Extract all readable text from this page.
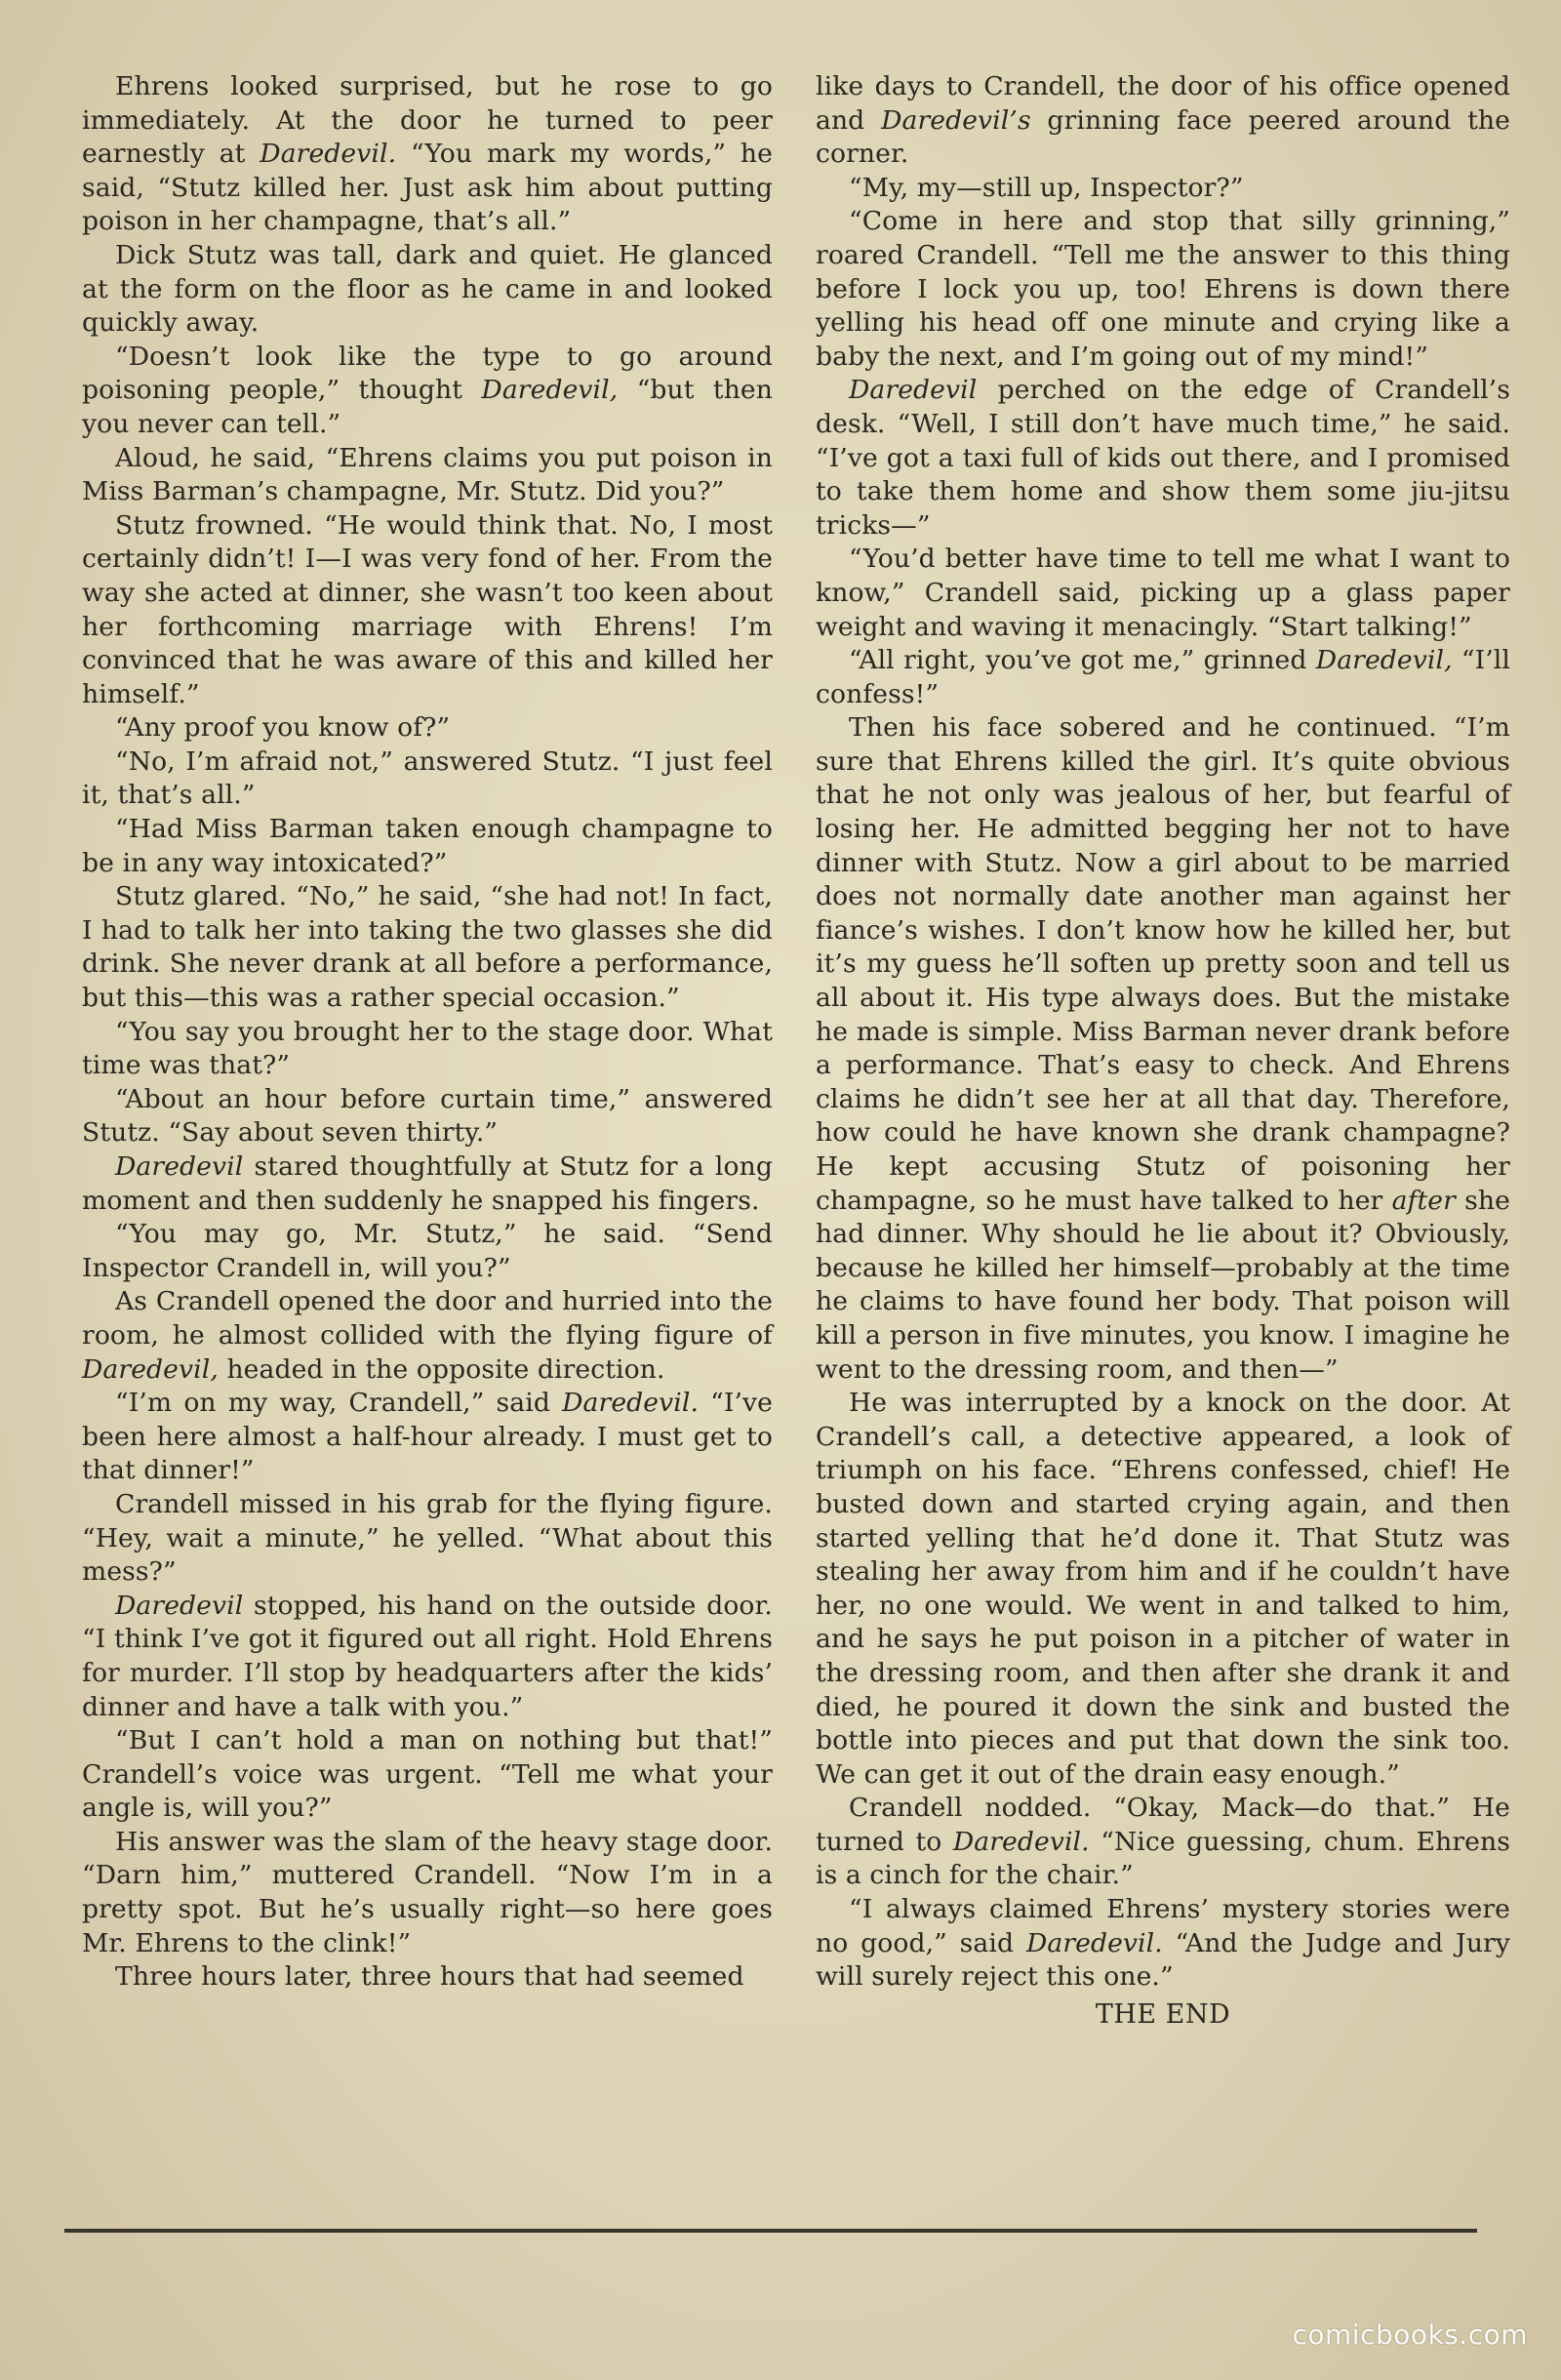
Ehrens looked surprised, but he rose to go immediately. At the door he turned to peer earnestly at Daredevil. “You mark my words,” he said, “Stutz killed her. Just ask him about putting poison in her champagne, that’s all.”

Dick Stutz was tall, dark and quiet. He glanced at the form on the floor as he came in and looked quickly away.

“Doesn’t look like the type to go around poisoning people,” thought Daredevil, “but then you never can tell.”

Aloud, he said, “Ehrens claims you put poison in Miss Barman’s champagne, Mr. Stutz. Did you?”

Stutz frowned. “He would think that. No, I most certainly didn’t! I—I was very fond of her. From the way she acted at dinner, she wasn’t too keen about her forthcoming marriage with Ehrens! I’m convinced that he was aware of this and killed her himself.”

“Any proof you know of?”

“No, I’m afraid not,” answered Stutz. “I just feel it, that’s all.”

“Had Miss Barman taken enough champagne to be in any way intoxicated?”

Stutz glared. “No,” he said, “she had not! In fact, I had to talk her into taking the two glasses she did drink. She never drank at all before a performance, but this—this was a rather special occasion.”

“You say you brought her to the stage door. What time was that?”

“About an hour before curtain time,” answered Stutz. “Say about seven thirty.”

Daredevil stared thoughtfully at Stutz for a long moment and then suddenly he snapped his fingers.

“You may go, Mr. Stutz,” he said. “Send Inspector Crandell in, will you?”

As Crandell opened the door and hurried into the room, he almost collided with the flying figure of Daredevil, headed in the opposite direction.

“I’m on my way, Crandell,” said Daredevil. “I’ve been here almost a half-hour already. I must get to that dinner!”

Crandell missed in his grab for the flying figure. “Hey, wait a minute,” he yelled. “What about this mess?”

Daredevil stopped, his hand on the outside door. “I think I’ve got it figured out all right. Hold Ehrens for murder. I’ll stop by headquarters after the kids’ dinner and have a talk with you.”

“But I can’t hold a man on nothing but that!” Crandell’s voice was urgent. “Tell me what your angle is, will you?”

His answer was the slam of the heavy stage door. “Darn him,” muttered Crandell. “Now I’m in a pretty spot. But he’s usually right—so here goes Mr. Ehrens to the clink!”

Three hours later, three hours that had seemed

like days to Crandell, the door of his office opened and Daredevil’s grinning face peered around the corner.

“My, my—still up, Inspector?”

“Come in here and stop that silly grinning,” roared Crandell. “Tell me the answer to this thing before I lock you up, too! Ehrens is down there yelling his head off one minute and crying like a baby the next, and I’m going out of my mind!”

Daredevil perched on the edge of Crandell’s desk. “Well, I still don’t have much time,” he said. “I’ve got a taxi full of kids out there, and I promised to take them home and show them some jiu-jitsu tricks—”

“You’d better have time to tell me what I want to know,” Crandell said, picking up a glass paper weight and waving it menacingly. “Start talking!”

“All right, you’ve got me,” grinned Daredevil, “I’ll confess!”

Then his face sobered and he continued. “I’m sure that Ehrens killed the girl. It’s quite obvious that he not only was jealous of her, but fearful of losing her. He admitted begging her not to have dinner with Stutz. Now a girl about to be married does not normally date another man against her fiance’s wishes. I don’t know how he killed her, but it’s my guess he’ll soften up pretty soon and tell us all about it. His type always does. But the mistake he made is simple. Miss Barman never drank before a performance. That’s easy to check. And Ehrens claims he didn’t see her at all that day. Therefore, how could he have known she drank champagne? He kept accusing Stutz of poisoning her champagne, so he must have talked to her after she had dinner. Why should he lie about it? Obviously, because he killed her himself—probably at the time he claims to have found her body. That poison will kill a person in five minutes, you know. I imagine he went to the dressing room, and then—”

He was interrupted by a knock on the door. At Crandell’s call, a detective appeared, a look of triumph on his face. “Ehrens confessed, chief! He busted down and started crying again, and then started yelling that he’d done it. That Stutz was stealing her away from him and if he couldn’t have her, no one would. We went in and talked to him, and he says he put poison in a pitcher of water in the dressing room, and then after she drank it and died, he poured it down the sink and busted the bottle into pieces and put that down the sink too. We can get it out of the drain easy enough.”

Crandell nodded. “Okay, Mack—do that.” He turned to Daredevil. “Nice guessing, chum. Ehrens is a cinch for the chair.”

“I always claimed Ehrens’ mystery stories were no good,” said Daredevil. “And the Judge and Jury will surely reject this one.”

THE END

comicbooks.com
